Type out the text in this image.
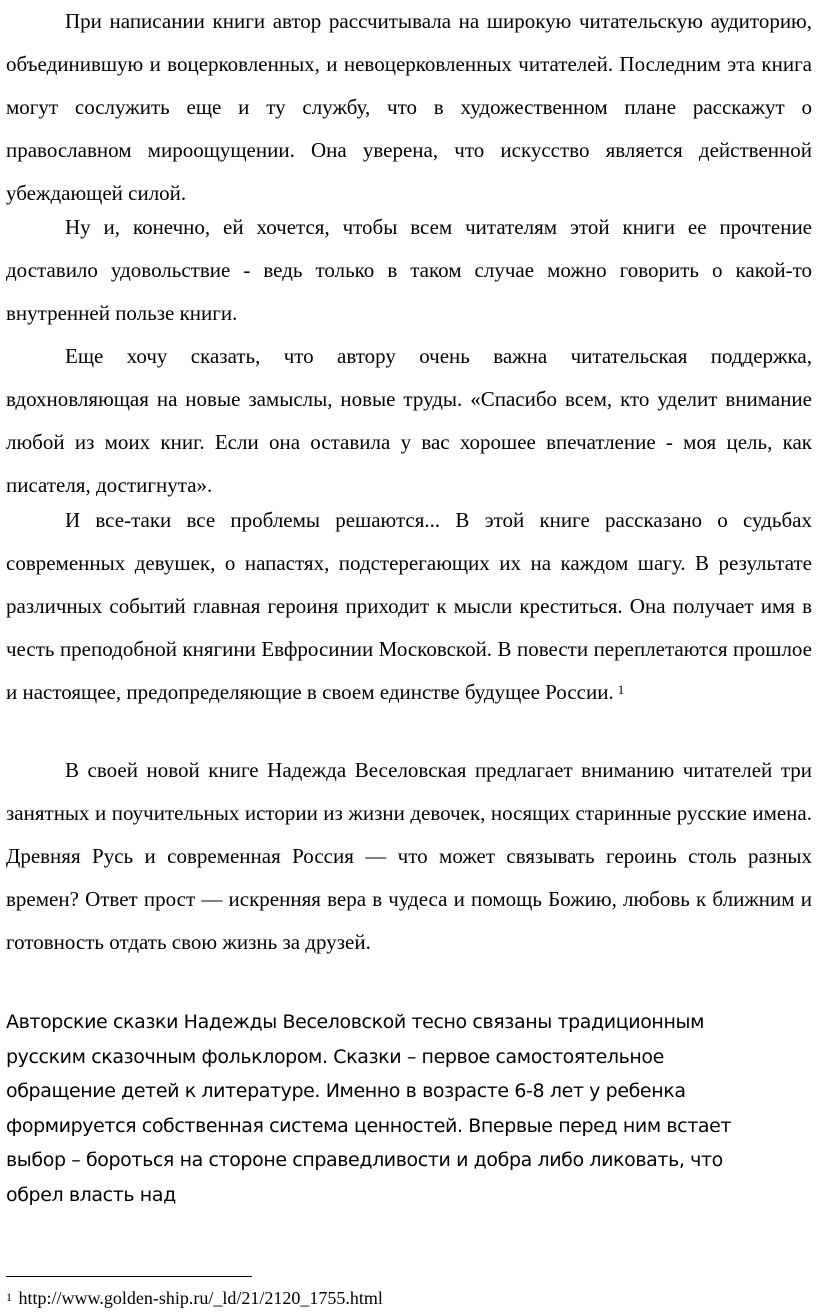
При написании книги автор рассчитывала на широкую читательскую аудиторию, объединившую и воцерковленных, и невоцерковленных читателей. Последним эта книга могут сослужить еще и ту службу, что в художественном плане расскажут о православном мироощущении. Она уверена, что искусство является действенной убеждающей силой.

Ну и, конечно, ей хочется, чтобы всем читателям этой книги ее прочтение доставило удовольствие - ведь только в таком случае можно говорить о какой-то внутренней пользе книги.

Еще хочу сказать, что автору очень важна читательская поддержка, вдохновляющая на новые замыслы, новые труды. «Спасибо всем, кто уделит внимание любой из моих книг. Если она оставила у вас хорошее впечатление - моя цель, как писателя, достигнута».

И все-таки все проблемы решаются... В этой книге рассказано о судьбах современных девушек, о напастях, подстерегающих их на каждом шагу. В результате различных событий главная героиня приходит к мысли креститься. Она получает имя в честь преподобной княгини Евфросинии Московской. В повести переплетаются прошлое и настоящее, предопределяющие в своем единстве будущее России. $^1$

В своей новой книге Надежда Веселовская предлагает вниманию читателей три занятных и поучительных истории из жизни девочек, носящих старинные русские имена. Древняя Русь и современная Россия — что может связывать героинь столь разных времен? Ответ прост — искренняя вера в чудеса и помощь Божию, любовь к ближним и готовность отдать свою жизнь за друзей.

Авторские сказки Надежды Веселовской тесно связаны традиционным
русским сказочным фольклором. Сказки – первое самостоятельное
обращение детей к литературе. Именно в возрасте 6-8 лет у ребенка
формируется собственная система ценностей. Впервые перед ним встает
выбор – бороться на стороне справедливости и добра либо ликовать, что
обрел власть над

$^1$ http://www.golden-ship.ru/_ld/21/2120_1755.html
